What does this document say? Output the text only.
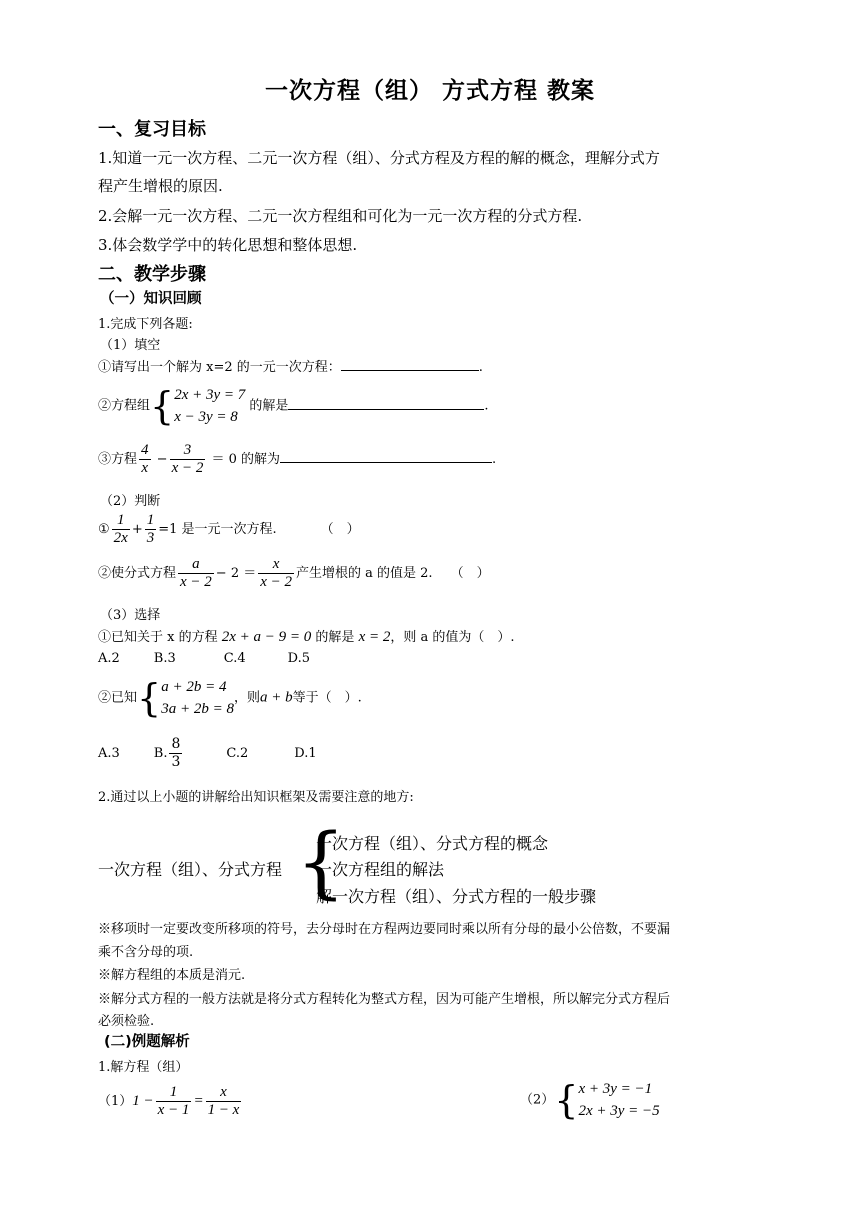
一次方程（组） 方式方程 教案
一、复习目标
1.知道一元一次方程、二元一次方程（组）、分式方程及方程的解的概念，理解分式方
程产生增根的原因.
2.会解一元一次方程、二元一次方程组和可化为一元一次方程的分式方程.
3.体会数学学中的转化思想和整体思想.
二、教学步骤
（一）知识回顾
1.完成下列各题:
（1）填空
①请写出一个解为 x=2 的一元一次方程：	.
②方程组{ 2x + 3y = 7
x − 3y = 8
的解是	.
③方程 $\frac{4}{x} - \frac{3}{x - 2} = 0$ 的解为	.
（2）判断
① $\frac{1}{2x} + \frac{1}{3} =1$ 是一元一次方程.	（　）
②使分式方程 $\frac{a}{x - 2} - 2 = \frac{x}{x - 2}$ 产生增根的 a 的值是 2. （　）
（3）选择
①已知关于 x 的方程 2x + a − 9 = 0 的解是 x = 2，则 a 的值为（　）.
A.2	B.3	C.4	D.5
②已知{ a + 2b = 4
3a + 2b = 8
，则a + b等于（　）.
A.3	B. $\frac{8}{3}$	C.2	D.1
2.通过以上小题的讲解给出知识框架及需要注意的地方:
一次方程（组）、分式方程 {
一次方程（组）、分式方程的概念
一次方程组的解法
解一次方程（组）、分式方程的一般步骤
※移项时一定要改变所移项的符号，去分母时在方程两边要同时乘以所有分母的最小公倍数，不要漏
乘不含分母的项.
※解方程组的本质是消元.
※解分式方程的一般方法就是将分式方程转化为整式方程，因为可能产生增根，所以解完分式方程后
必须检验.
(二)例题解析
1.解方程（组）
$(1)1 - \frac{1}{x - 1} = \frac{x}{1 - x}$	（2）{ x + 3y = −1
2x + 3y = −5
